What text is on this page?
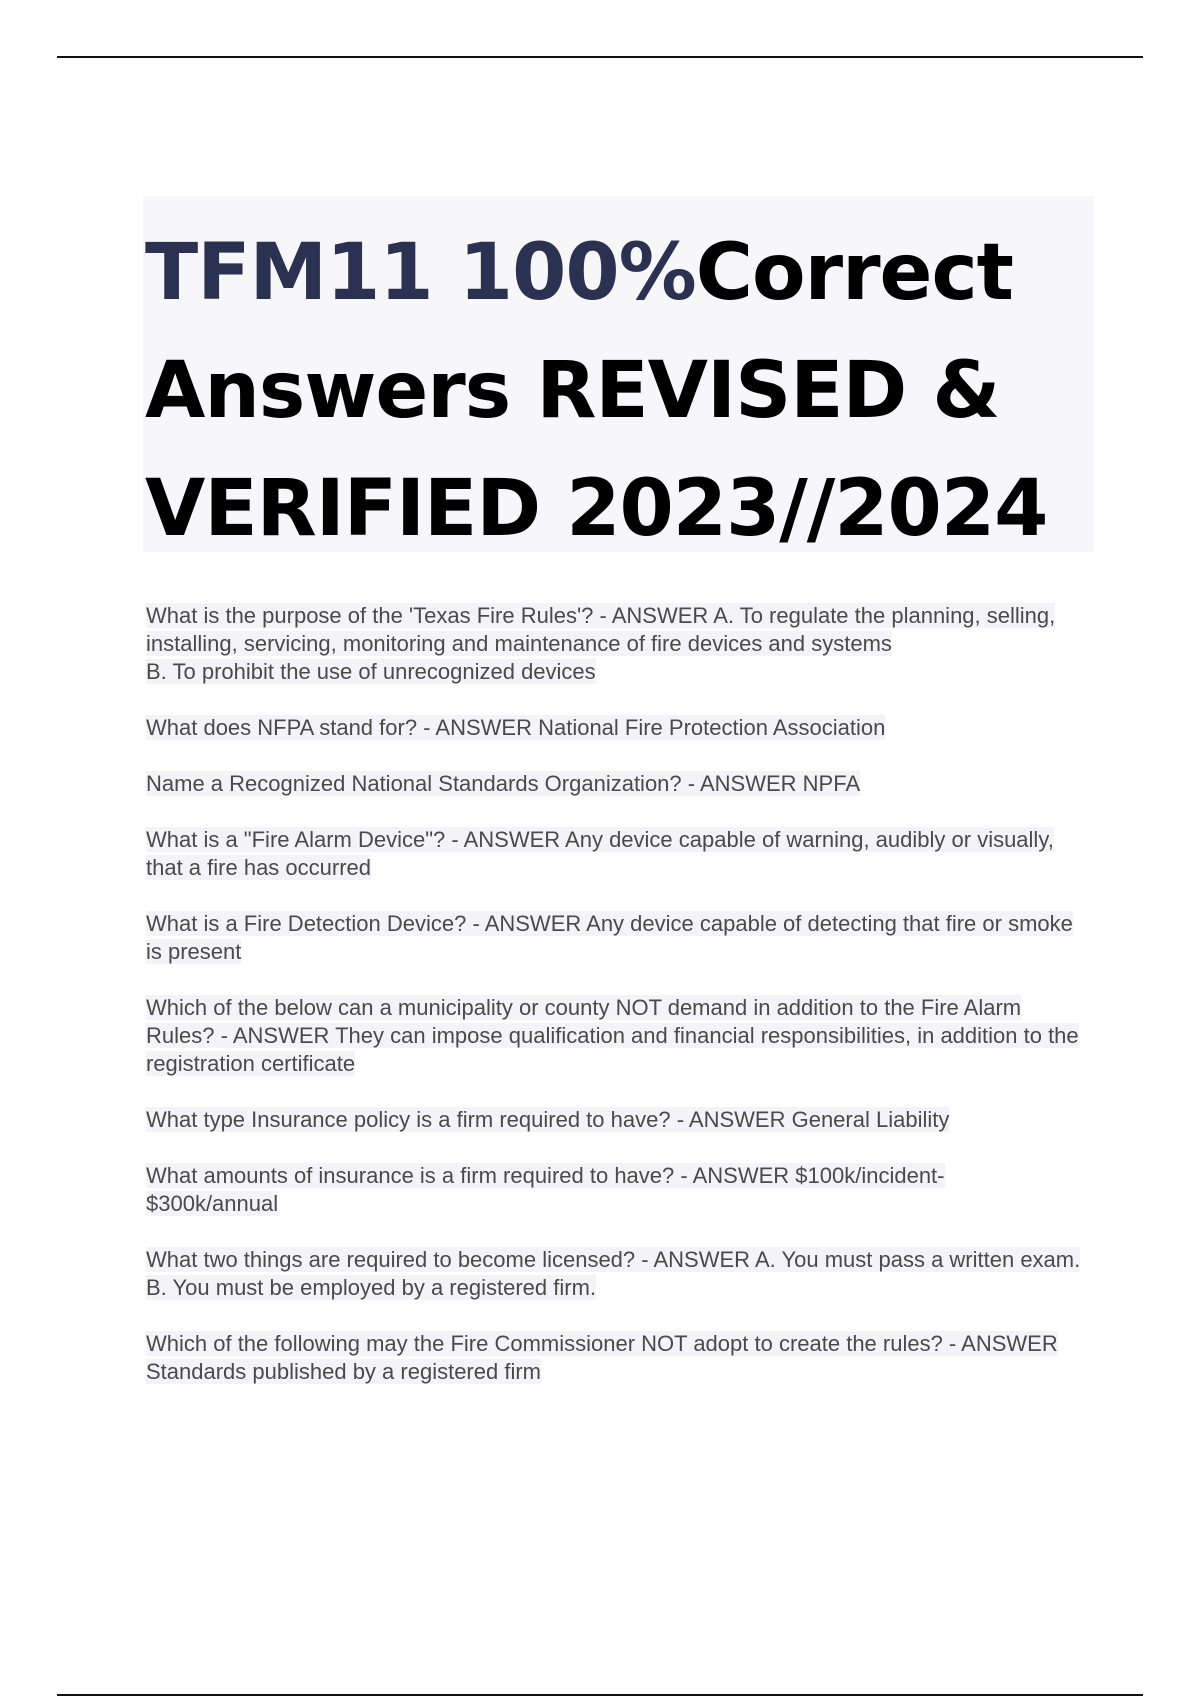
TFM11 100%Correct
Answers REVISED &
VERIFIED 2023//2024
What is the purpose of the 'Texas Fire Rules'? - ANSWER A. To regulate the planning, selling, installing, servicing, monitoring and maintenance of fire devices and systems
B. To prohibit the use of unrecognized devices
What does NFPA stand for? - ANSWER National Fire Protection Association
Name a Recognized National Standards Organization? - ANSWER NPFA
What is a "Fire Alarm Device"? - ANSWER Any device capable of warning, audibly or visually, that a fire has occurred
What is a Fire Detection Device? - ANSWER Any device capable of detecting that fire or smoke is present
Which of the below can a municipality or county NOT demand in addition to the Fire Alarm Rules? - ANSWER They can impose qualification and financial responsibilities, in addition to the registration certificate
What type Insurance policy is a firm required to have? - ANSWER General Liability
What amounts of insurance is a firm required to have? - ANSWER $100k/incident-
$300k/annual
What two things are required to become licensed? - ANSWER A. You must pass a written exam.
B. You must be employed by a registered firm.
Which of the following may the Fire Commissioner NOT adopt to create the rules? - ANSWER Standards published by a registered firm
